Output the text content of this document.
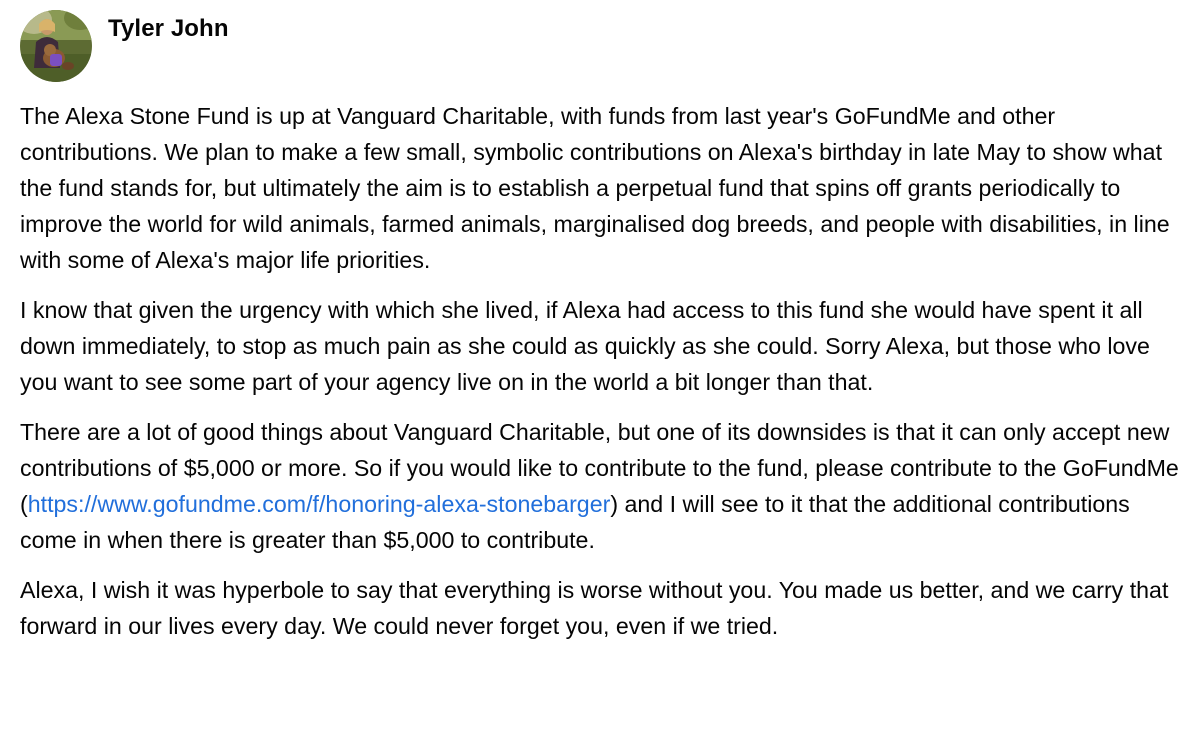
Tyler John

The Alexa Stone Fund is up at Vanguard Charitable, with funds from last year's GoFundMe and other contributions. We plan to make a few small, symbolic contributions on Alexa's birthday in late May to show what the fund stands for, but ultimately the aim is to establish a perpetual fund that spins off grants periodically to improve the world for wild animals, farmed animals, marginalised dog breeds, and people with disabilities, in line with some of Alexa's major life priorities.

I know that given the urgency with which she lived, if Alexa had access to this fund she would have spent it all down immediately, to stop as much pain as she could as quickly as she could. Sorry Alexa, but those who love you want to see some part of your agency live on in the world a bit longer than that.

There are a lot of good things about Vanguard Charitable, but one of its downsides is that it can only accept new contributions of $5,000 or more. So if you would like to contribute to the fund, please contribute to the GoFundMe (https://www.gofundme.com/f/honoring-alexa-stonebarger) and I will see to it that the additional contributions come in when there is greater than $5,000 to contribute.

Alexa, I wish it was hyperbole to say that everything is worse without you. You made us better, and we carry that forward in our lives every day. We could never forget you, even if we tried.
